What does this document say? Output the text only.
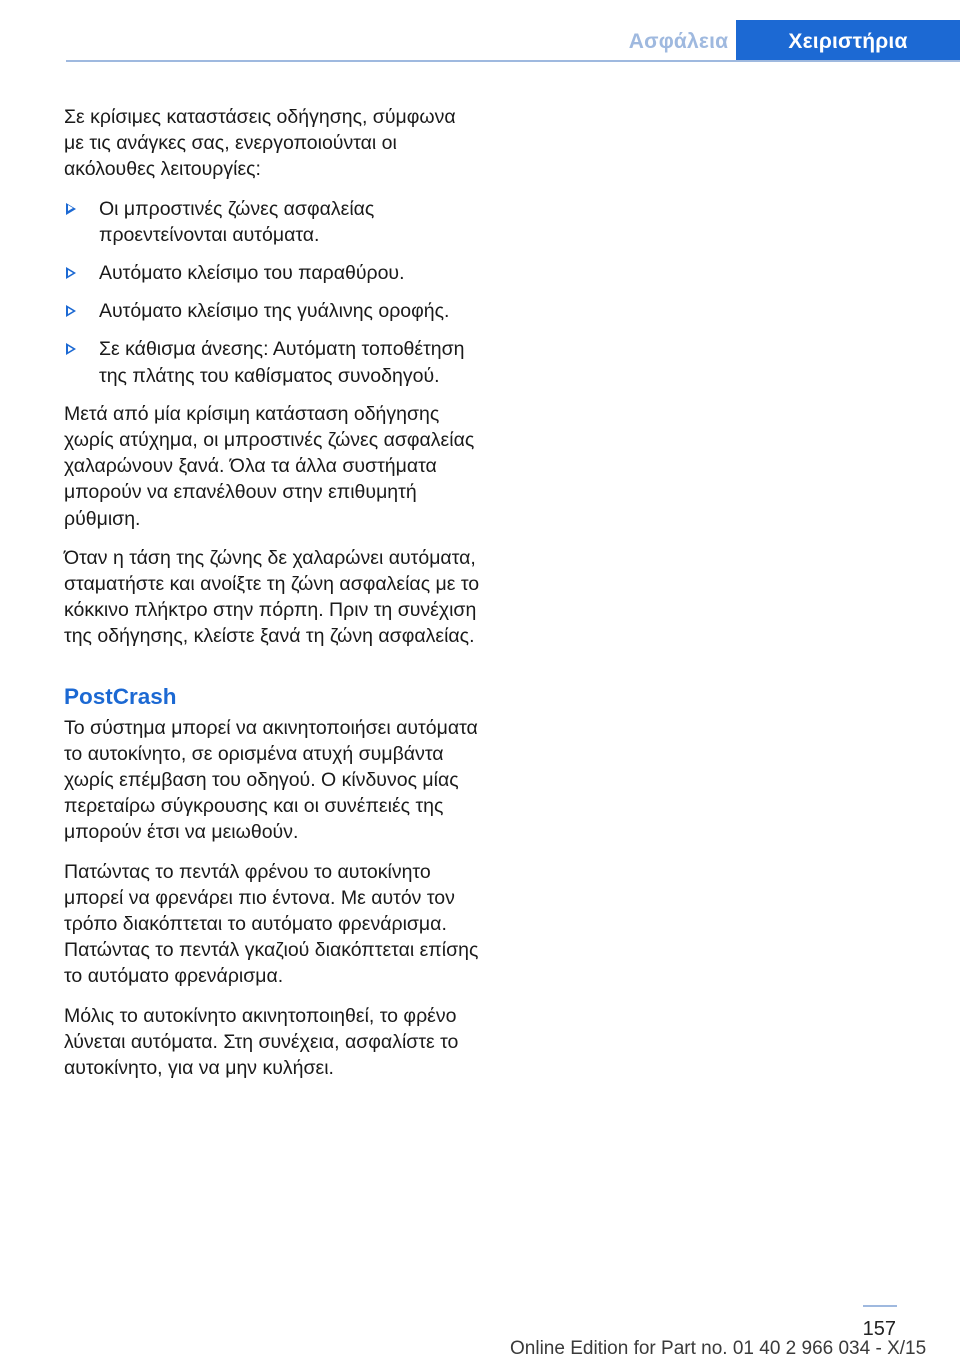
Ασφάλεια	Χειριστήρια

Σε κρίσιμες καταστάσεις οδήγησης, σύμφωνα με τις ανάγκες σας, ενεργοποιούνται οι ακόλουθες λειτουργίες:

Οι μπροστινές ζώνες ασφαλείας προεντείνονται αυτόματα.
Αυτόματο κλείσιμο του παραθύρου.
Αυτόματο κλείσιμο της γυάλινης οροφής.
Σε κάθισμα άνεσης: Αυτόματη τοποθέτηση της πλάτης του καθίσματος συνοδηγού.

Μετά από μία κρίσιμη κατάσταση οδήγησης χωρίς ατύχημα, οι μπροστινές ζώνες ασφαλείας χαλαρώνουν ξανά. Όλα τα άλλα συστήματα μπορούν να επανέλθουν στην επιθυμητή ρύθμιση.

Όταν η τάση της ζώνης δε χαλαρώνει αυτόματα, σταματήστε και ανοίξτε τη ζώνη ασφαλείας με το κόκκινο πλήκτρο στην πόρπη. Πριν τη συνέχιση της οδήγησης, κλείστε ξανά τη ζώνη ασφαλείας.

PostCrash

Το σύστημα μπορεί να ακινητοποιήσει αυτόματα το αυτοκίνητο, σε ορισμένα ατυχή συμβάντα χωρίς επέμβαση του οδηγού. Ο κίνδυνος μίας περεταίρω σύγκρουσης και οι συνέπειές της μπορούν έτσι να μειωθούν.

Πατώντας το πεντάλ φρένου το αυτοκίνητο μπορεί να φρενάρει πιο έντονα. Με αυτόν τον τρόπο διακόπτεται το αυτόματο φρενάρισμα. Πατώντας το πεντάλ γκαζιού διακόπτεται επίσης το αυτόματο φρενάρισμα.

Μόλις το αυτοκίνητο ακινητοποιηθεί, το φρένο λύνεται αυτόματα. Στη συνέχεια, ασφαλίστε το αυτοκίνητο, για να μην κυλήσει.

157
Online Edition for Part no. 01 40 2 966 034 - X/15
